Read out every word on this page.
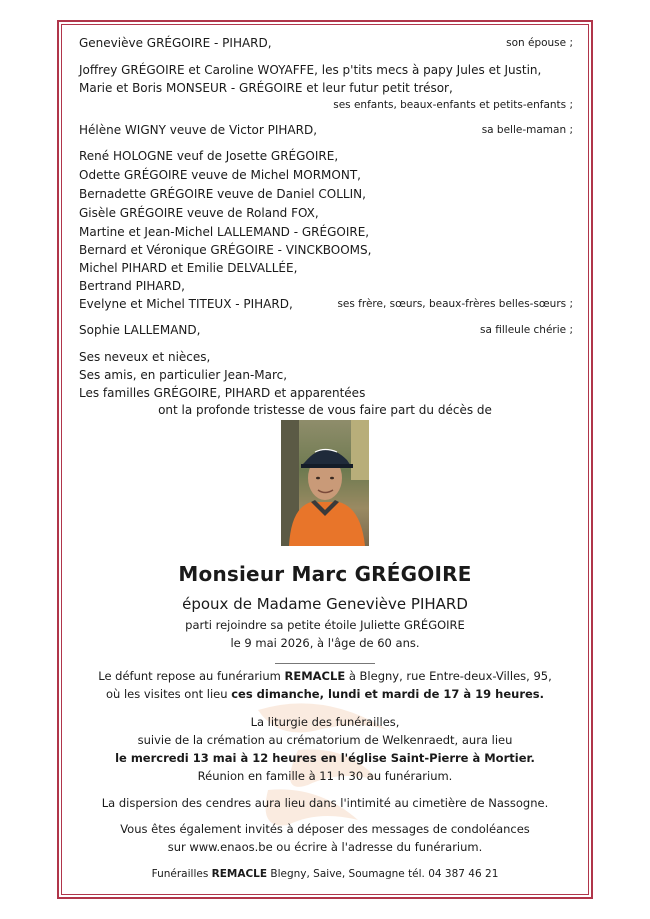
Geneviève GRÉGOIRE - PIHARD,	son épouse ;
Joffrey GRÉGOIRE et Caroline WOYAFFE, les p'tits mecs à papy Jules et Justin,
Marie et Boris MONSEUR - GRÉGOIRE et leur futur petit trésor,
ses enfants, beaux-enfants et petits-enfants ;
Hélène WIGNY veuve de Victor PIHARD,	sa belle-maman ;
René HOLOGNE veuf de Josette GRÉGOIRE,
Odette GRÉGOIRE veuve de Michel MORMONT,
Bernadette GRÉGOIRE veuve de Daniel COLLIN,
Gisèle GRÉGOIRE veuve de Roland FOX,
Martine et Jean-Michel LALLEMAND - GRÉGOIRE,
Bernard et Véronique GRÉGOIRE - VINCKBOOMS,
Michel PIHARD et Emilie DELVALLÉE,
Bertrand PIHARD,
Evelyne et Michel TITEUX - PIHARD,	ses frère, sœurs, beaux-frères belles-sœurs ;
Sophie LALLEMAND,	sa filleule chérie ;
Ses neveux et nièces,
Ses amis, en particulier Jean-Marc,
Les familles GRÉGOIRE, PIHARD et apparentées
ont la profonde tristesse de vous faire part du décès de
Monsieur Marc GRÉGOIRE
époux de Madame Geneviève PIHARD
parti rejoindre sa petite étoile Juliette GRÉGOIRE
le 9 mai 2026, à l'âge de 60 ans.
Le défunt repose au funérarium REMACLE à Blegny, rue Entre-deux-Villes, 95,
où les visites ont lieu ces dimanche, lundi et mardi de 17 à 19 heures.
La liturgie des funérailles,
suivie de la crémation au crématorium de Welkenraedt, aura lieu
le mercredi 13 mai à 12 heures en l'église Saint-Pierre à Mortier.
Réunion en famille à 11 h 30 au funérarium.
La dispersion des cendres aura lieu dans l'intimité au cimetière de Nassogne.
Vous êtes également invités à déposer des messages de condoléances
sur www.enaos.be ou écrire à l'adresse du funérarium.
Funérailles REMACLE Blegny, Saive, Soumagne tél. 04 387 46 21
